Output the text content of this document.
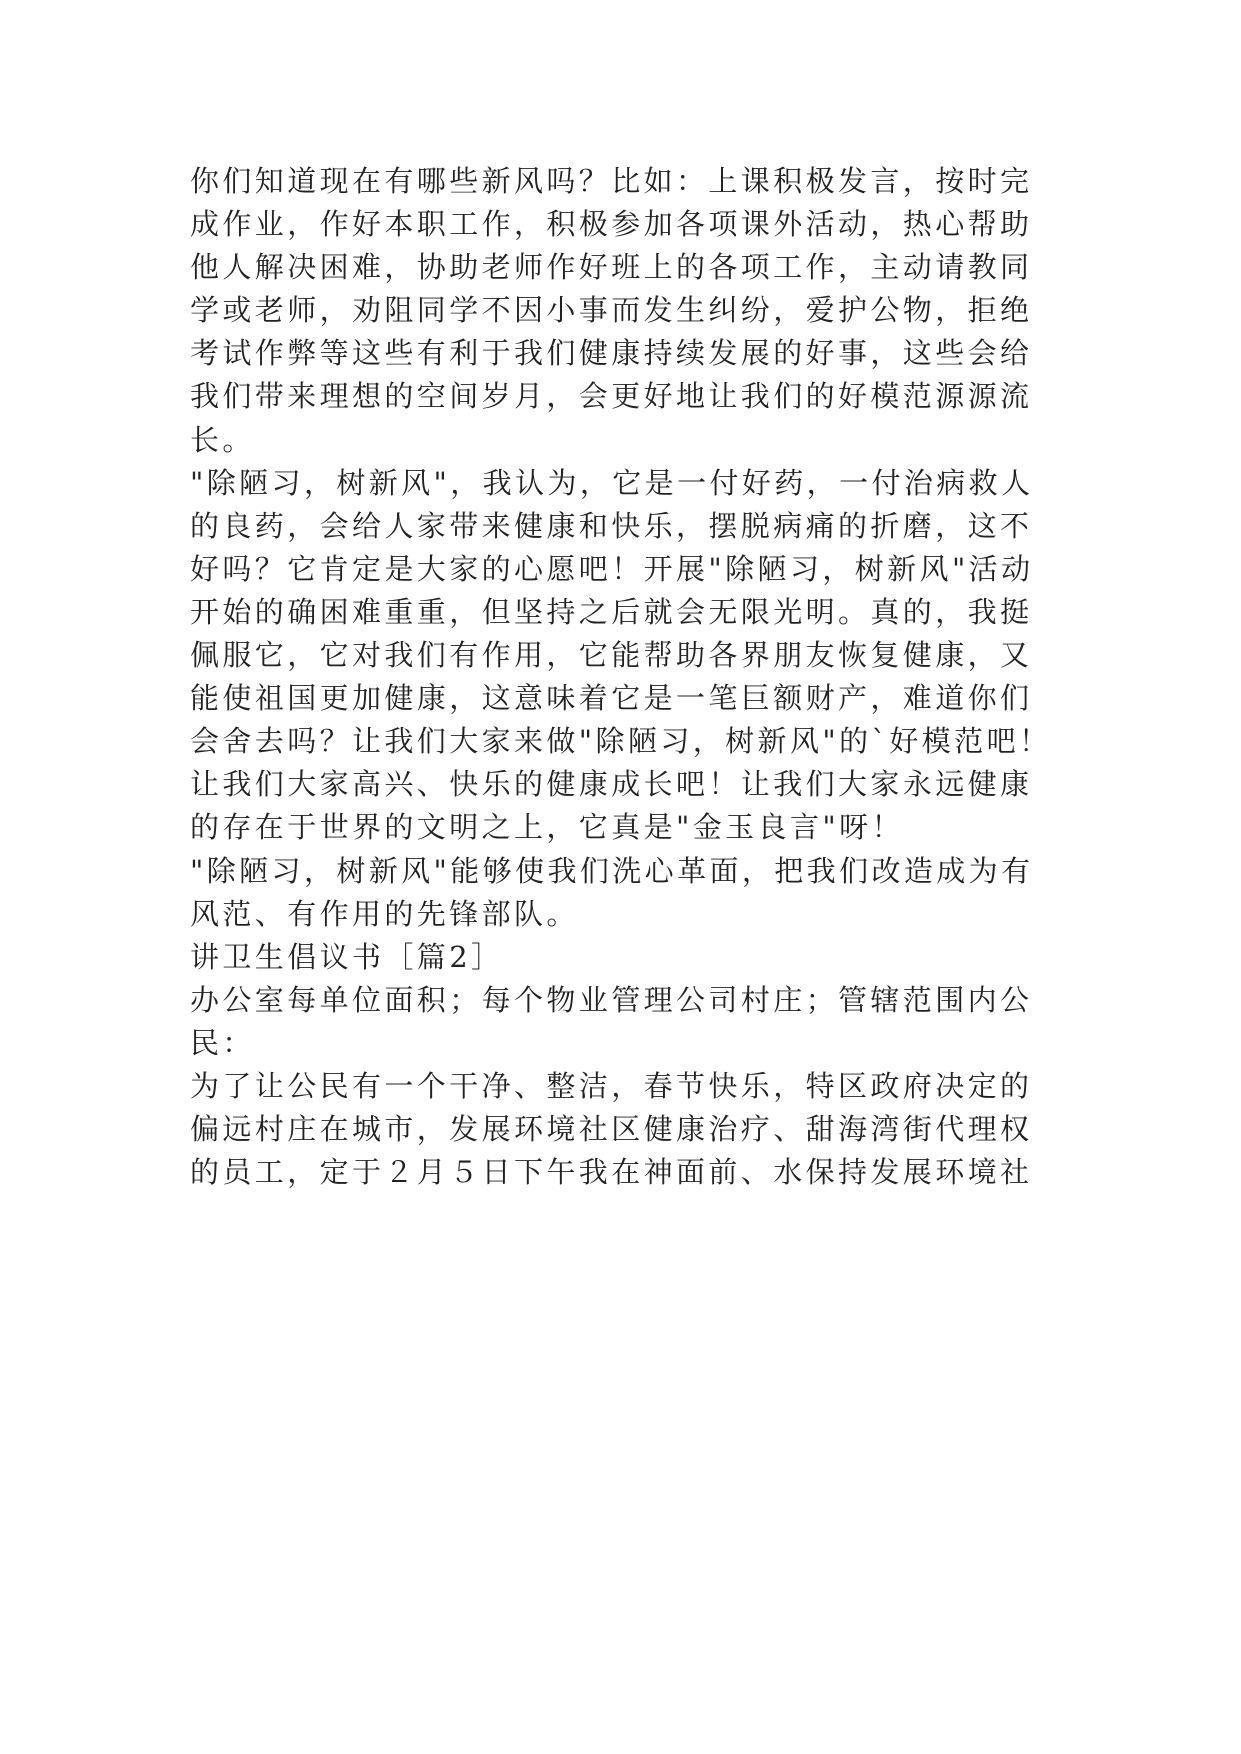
你们知道现在有哪些新风吗？比如：上课积极发言，按时完
成作业，作好本职工作，积极参加各项课外活动，热心帮助
他人解决困难，协助老师作好班上的各项工作，主动请教同
学或老师，劝阻同学不因小事而发生纠纷，爱护公物，拒绝
考试作弊等这些有利于我们健康持续发展的好事，这些会给
我们带来理想的空间岁月，会更好地让我们的好模范源源流
长。
"除陋习，树新风"，我认为，它是一付好药，一付治病救人
的良药，会给人家带来健康和快乐，摆脱病痛的折磨，这不
好吗？它肯定是大家的心愿吧！开展"除陋习，树新风"活动
开始的确困难重重，但坚持之后就会无限光明。真的，我挺
佩服它，它对我们有作用，它能帮助各界朋友恢复健康，又
能使祖国更加健康，这意味着它是一笔巨额财产，难道你们
会舍去吗？让我们大家来做"除陋习，树新风"的`好模范吧！
让我们大家高兴、快乐的健康成长吧！让我们大家永远健康
的存在于世界的文明之上，它真是"金玉良言"呀！
"除陋习，树新风"能够使我们洗心革面，把我们改造成为有
风范、有作用的先锋部队。
讲卫生倡议书［篇2］
办公室每单位面积；每个物业管理公司村庄；管辖范围内公
民：
为了让公民有一个干净、整洁，春节快乐，特区政府决定的
偏远村庄在城市，发展环境社区健康治疗、甜海湾街代理权
的员工，定于２月５日下午我在神面前、水保持发展环境社
